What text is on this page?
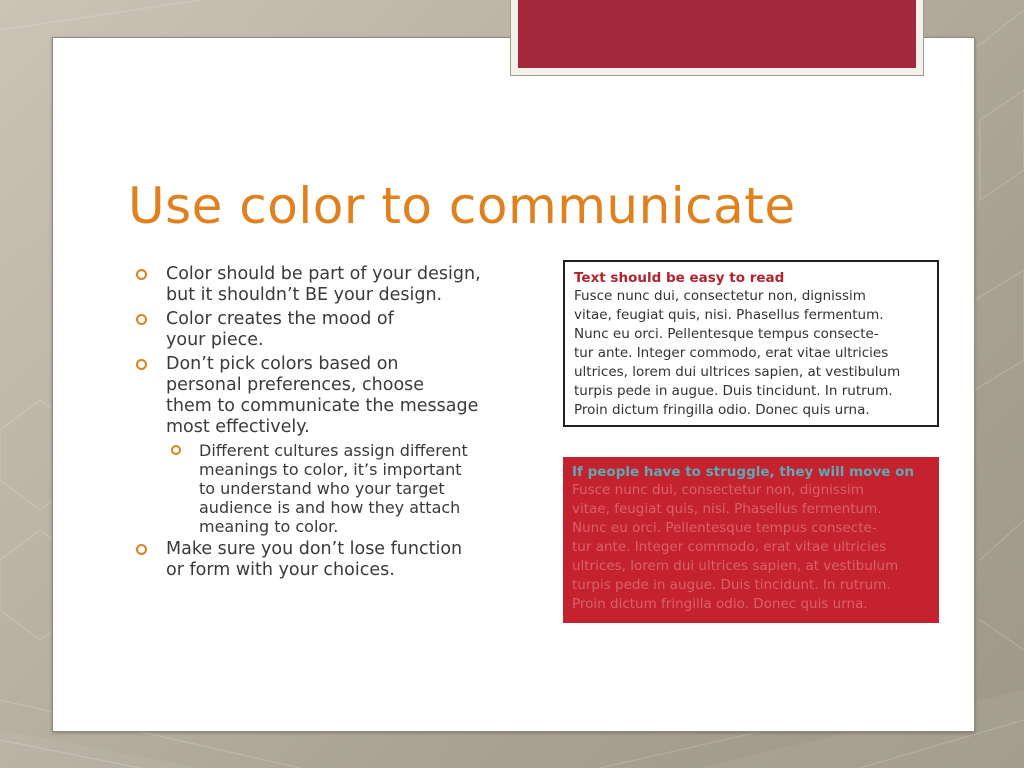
Use color to communicate
Color should be part of your design,
but it shouldn’t BE your design.
Color creates the mood of
your piece.
Don’t pick colors based on
personal preferences, choose
them to communicate the message
most effectively.
Different cultures assign different
meanings to color, it’s important
to understand who your target
audience is and how they attach
meaning to color.
Make sure you don’t lose function
or form with your choices.

Text should be easy to read

Fusce nunc dui, consectetur non, dignissim

vitae, feugiat quis, nisi. Phasellus fermentum.

Nunc eu orci. Pellentesque tempus consecte-

tur ante. Integer commodo, erat vitae ultricies

ultrices, lorem dui ultrices sapien, at vestibulum

turpis pede in augue. Duis tincidunt. In rutrum.

Proin dictum fringilla odio. Donec quis urna.

If people have to struggle, they will move on

Fusce nunc dui, consectetur non, dignissim

vitae, feugiat quis, nisi. Phasellus fermentum.

Nunc eu orci. Pellentesque tempus consecte-

tur ante. Integer commodo, erat vitae ultricies

ultrices, lorem dui ultrices sapien, at vestibulum

turpis pede in augue. Duis tincidunt. In rutrum.

Proin dictum fringilla odio. Donec quis urna.
